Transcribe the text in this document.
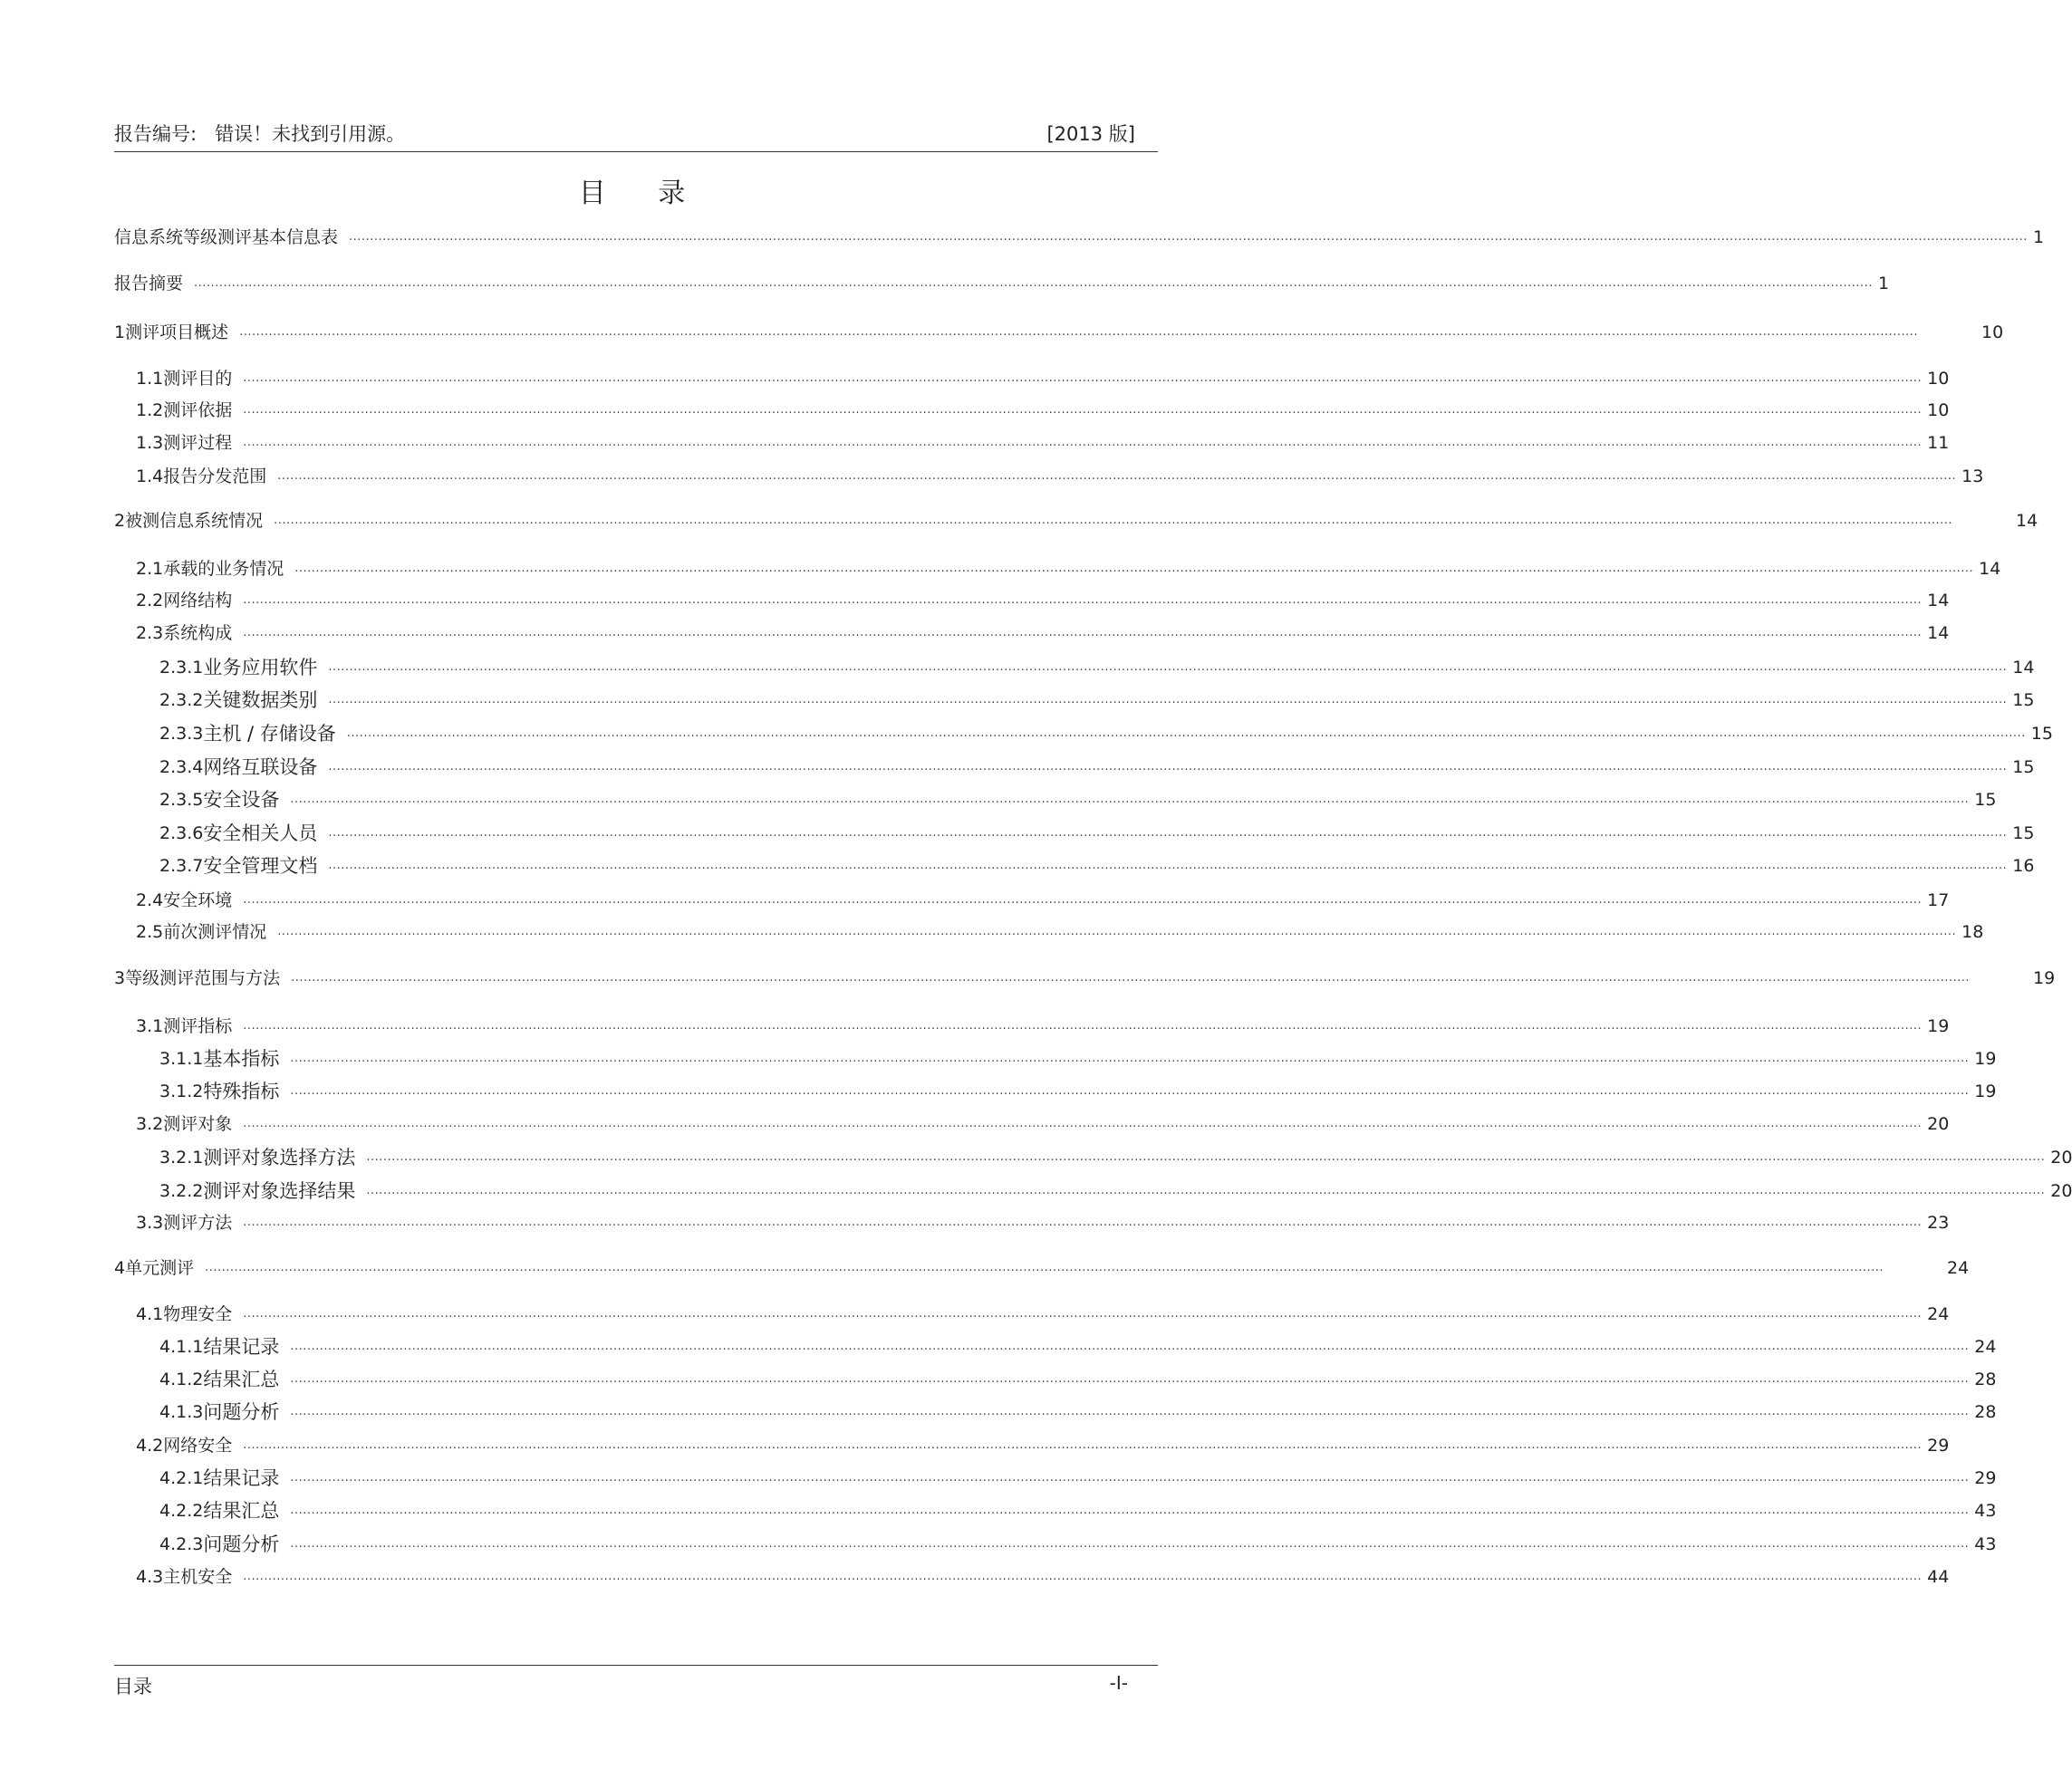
报告编号: 错误！未找到引用源。	[2013 版]
目 录
信息系统等级测评基本信息表 ................................................................................................................................................................................................................................................................................................................................................................................................................ 1
报告摘要 ................................................................................................................................................................................................................................................................................................................................................................................................................ 1
1 测评项目概述 ................................................................................................................................................................................................................................................................................................................................................................................................................	10
1.1 测评目的 ................................................................................................................................................................................................................................................................................................................................................................................................................ 10
1.2 测评依据 ................................................................................................................................................................................................................................................................................................................................................................................................................ 10
1.3 测评过程 ................................................................................................................................................................................................................................................................................................................................................................................................................ 11
1.4 报告分发范围 ................................................................................................................................................................................................................................................................................................................................................................................................................ 13
2 被测信息系统情况 ................................................................................................................................................................................................................................................................................................................................................................................................................	14
2.1 承载的业务情况 ................................................................................................................................................................................................................................................................................................................................................................................................................ 14
2.2 网络结构 ................................................................................................................................................................................................................................................................................................................................................................................................................ 14
2.3 系统构成 ................................................................................................................................................................................................................................................................................................................................................................................................................ 14
2.3.1 业务应用软件 ................................................................................................................................................................................................................................................................................................................................................................................................................ 14
2.3.2 关键数据类别 ................................................................................................................................................................................................................................................................................................................................................................................................................ 15
2.3.3 主机 / 存储设备 ................................................................................................................................................................................................................................................................................................................................................................................................................ 15
2.3.4 网络互联设备 ................................................................................................................................................................................................................................................................................................................................................................................................................ 15
2.3.5 安全设备 ................................................................................................................................................................................................................................................................................................................................................................................................................ 15
2.3.6 安全相关人员 ................................................................................................................................................................................................................................................................................................................................................................................................................ 15
2.3.7 安全管理文档 ................................................................................................................................................................................................................................................................................................................................................................................................................ 16
2.4 安全环境 ................................................................................................................................................................................................................................................................................................................................................................................................................ 17
2.5 前次测评情况 ................................................................................................................................................................................................................................................................................................................................................................................................................ 18
3 等级测评范围与方法 ................................................................................................................................................................................................................................................................................................................................................................................................................	19
3.1 测评指标 ................................................................................................................................................................................................................................................................................................................................................................................................................ 19
3.1.1 基本指标 ................................................................................................................................................................................................................................................................................................................................................................................................................ 19
3.1.2 特殊指标 ................................................................................................................................................................................................................................................................................................................................................................................................................ 19
3.2 测评对象 ................................................................................................................................................................................................................................................................................................................................................................................................................ 20
3.2.1 测评对象选择方法 ................................................................................................................................................................................................................................................................................................................................................................................................................ 20
3.2.2 测评对象选择结果 ................................................................................................................................................................................................................................................................................................................................................................................................................ 20
3.3 测评方法 ................................................................................................................................................................................................................................................................................................................................................................................................................ 23
4 单元测评 ................................................................................................................................................................................................................................................................................................................................................................................................................	24
4.1 物理安全 ................................................................................................................................................................................................................................................................................................................................................................................................................ 24
4.1.1 结果记录 ................................................................................................................................................................................................................................................................................................................................................................................................................ 24
4.1.2 结果汇总 ................................................................................................................................................................................................................................................................................................................................................................................................................ 28
4.1.3 问题分析 ................................................................................................................................................................................................................................................................................................................................................................................................................ 28
4.2 网络安全 ................................................................................................................................................................................................................................................................................................................................................................................................................ 29
4.2.1 结果记录 ................................................................................................................................................................................................................................................................................................................................................................................................................ 29
4.2.2 结果汇总 ................................................................................................................................................................................................................................................................................................................................................................................................................ 43
4.2.3 问题分析 ................................................................................................................................................................................................................................................................................................................................................................................................................ 43
4.3 主机安全 ................................................................................................................................................................................................................................................................................................................................................................................................................ 44
目录	-I-
